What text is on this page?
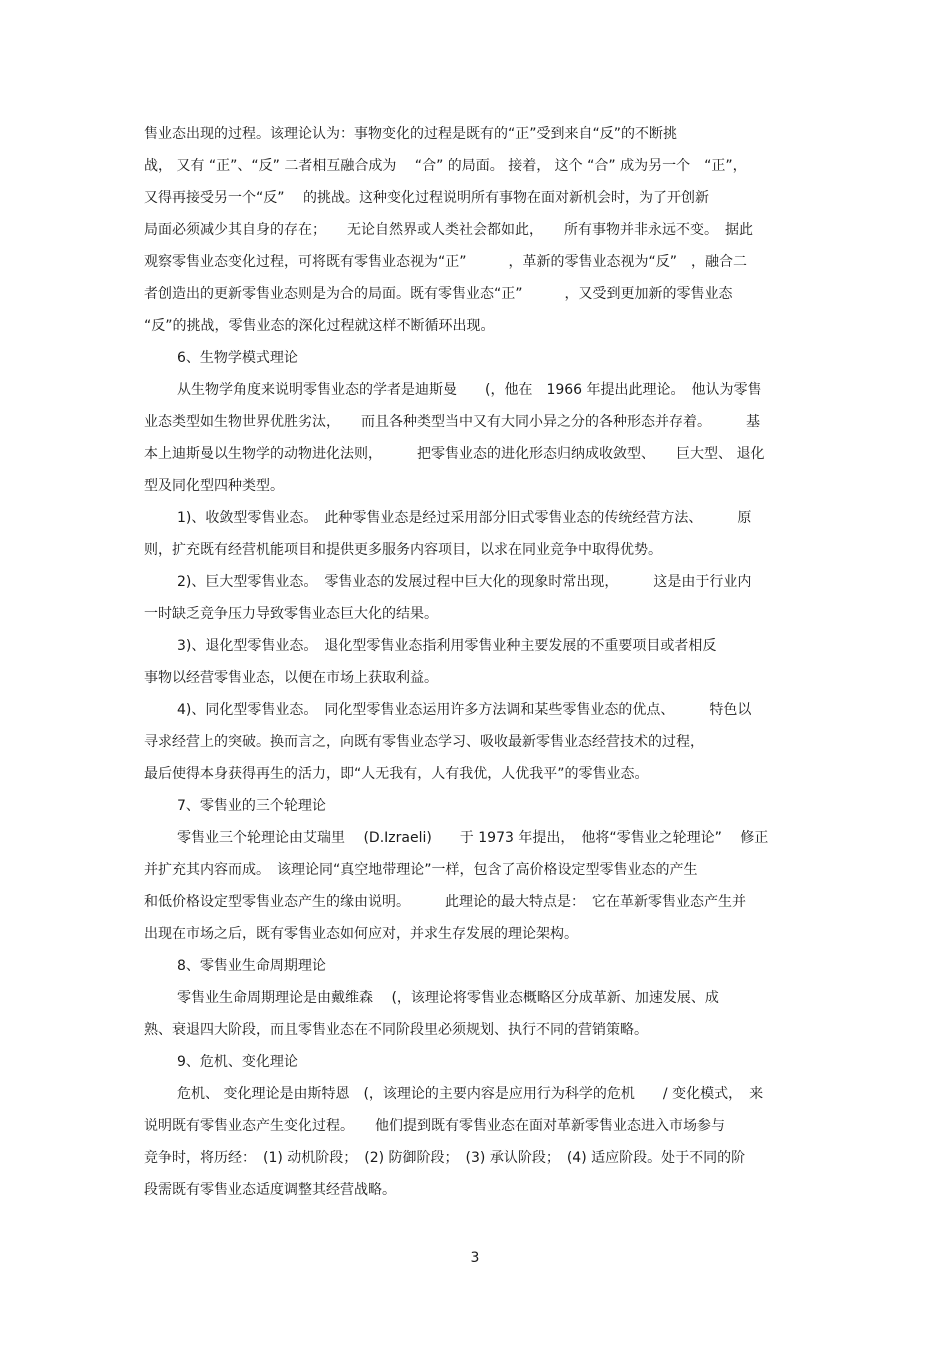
售业态出现的过程。该理论认为：事物变化的过程是既有的“正”受到来自“反”的不断挑
战， 又有 “正”、“反” 二者相互融合成为　 “合” 的局面。 接着， 这个 “合” 成为另一个　“正”，
又得再接受另一个“反”　 的挑战。这种变化过程说明所有事物在面对新机会时，为了开创新
局面必须减少其自身的存在；　　无论自然界或人类社会都如此，　　所有事物并非永远不变。　据此
观察零售业态变化过程，可将既有零售业态视为“正”　　　，革新的零售业态视为“反”　，融合二
者创造出的更新零售业态则是为合的局面。既有零售业态“正”　　　，又受到更加新的零售业态
“反”的挑战，零售业态的深化过程就这样不断循环出现。
6、生物学模式理论
从生物学角度来说明零售业态的学者是迪斯曼　　(，他在　1966 年提出此理论。　他认为零售
业态类型如生物世界优胜劣汰，　　而且各种类型当中又有大同小异之分的各种形态并存着。　　　基
本上迪斯曼以生物学的动物进化法则，　　　把零售业态的进化形态归纳成收敛型、　　巨大型、 退化
型及同化型四种类型。
1)、收敛型零售业态。　此种零售业态是经过采用部分旧式零售业态的传统经营方法、　　　原
则，扩充既有经营机能项目和提供更多服务内容项目，以求在同业竞争中取得优势。
2)、巨大型零售业态。　零售业态的发展过程中巨大化的现象时常出现，　　　这是由于行业内
一时缺乏竞争压力导致零售业态巨大化的结果。
3)、退化型零售业态。　退化型零售业态指利用零售业种主要发展的不重要项目或者相反
事物以经营零售业态，以便在市场上获取利益。
4)、同化型零售业态。　同化型零售业态运用许多方法调和某些零售业态的优点、　　　特色以
寻求经营上的突破。换而言之，向既有零售业态学习、吸收最新零售业态经营技术的过程，
最后使得本身获得再生的活力，即“人无我有，人有我优，人优我平”的零售业态。
7、零售业的三个轮理论
零售业三个轮理论由艾瑞里　 (D.Izraeli)　　于 1973 年提出，　他将“零售业之轮理论”　 修正
并扩充其内容而成。　该理论同“真空地带理论”一样，包含了高价格设定型零售业态的产生
和低价格设定型零售业态产生的缘由说明。　　　此理论的最大特点是：　它在革新零售业态产生并
出现在市场之后，既有零售业态如何应对，并求生存发展的理论架构。
8、零售业生命周期理论
零售业生命周期理论是由戴维森　 (，该理论将零售业态概略区分成革新、加速发展、成
熟、衰退四大阶段，而且零售业态在不同阶段里必须规划、执行不同的营销策略。
9、危机、变化理论
危机、 变化理论是由斯特恩　(，该理论的主要内容是应用行为科学的危机　　/ 变化模式，　来
说明既有零售业态产生变化过程。　　他们提到既有零售业态在面对革新零售业态进入市场参与
竞争时，将历经：　(1) 动机阶段；　(2) 防御阶段；　(3) 承认阶段；　(4) 适应阶段。处于不同的阶
段需既有零售业态适度调整其经营战略。
3
